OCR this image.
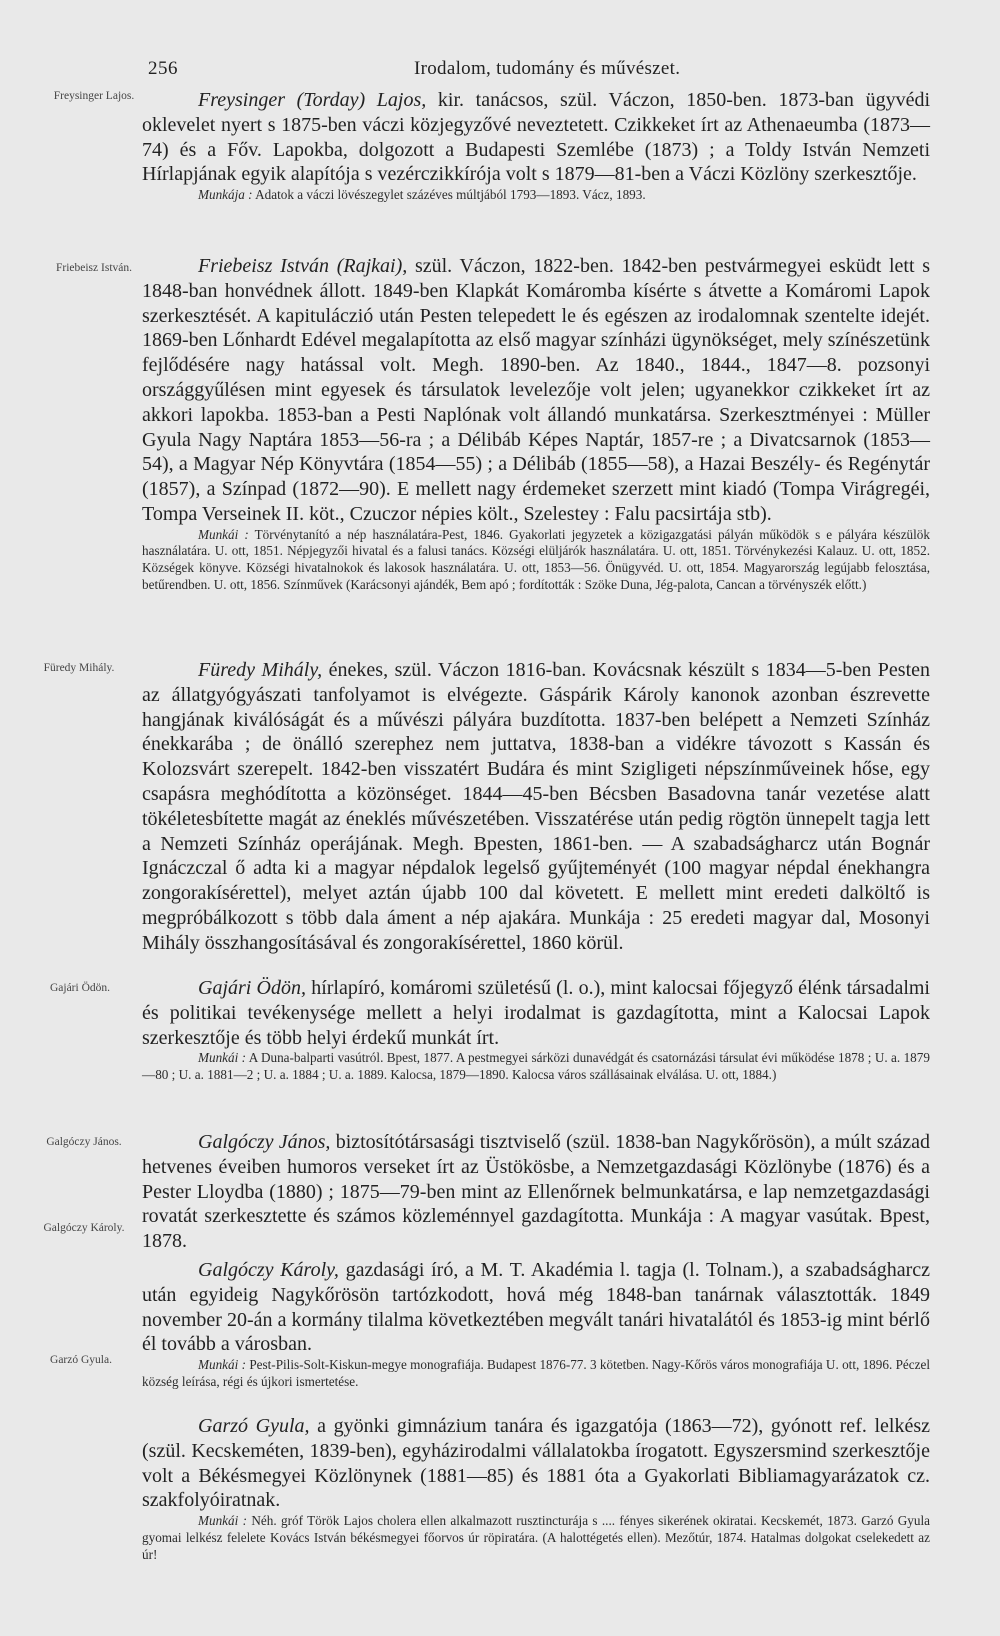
256	Irodalom, tudomány és művészet.
Freysinger Lajos.	Freysinger (Torday) Lajos, kir. tanácsos, szül. Váczon, 1850-ben. 1873-ban ügyvédi oklevelet nyert s 1875-ben váczi közjegyzővé neveztetett. Czikkeket írt az Athenaeumba (1873—74) és a Főv. Lapokba, dolgozott a Budapesti Szemlébe (1873) ; a Toldy István Nemzeti Hírlapjának egyik alapítója s vezérczikkírója volt s 1879—81-ben a Váczi Közlöny szerkesztője.

Munkája : Adatok a váczi lövészegylet százéves múltjából 1793—1893. Vácz, 1893.

Friebeisz István.	Friebeisz István (Rajkai), szül. Váczon, 1822-ben. 1842-ben pestvármegyei esküdt lett s 1848-ban honvédnek állott. 1849-ben Klapkát Komáromba kísérte s átvette a Komáromi Lapok szerkesztését. A kapituláczió után Pesten telepedett le és egészen az irodalomnak szentelte idejét. 1869-ben Lőnhardt Edével megalapította az első magyar színházi ügynökséget, mely színészetünk fejlődésére nagy hatással volt. Megh. 1890-ben. Az 1840., 1844., 1847—8. pozsonyi országgyűlésen mint egyesek és társulatok levelezője volt jelen; ugyanekkor czikkeket írt az akkori lapokba. 1853-ban a Pesti Naplónak volt állandó munkatársa. Szerkesztményei : Müller Gyula Nagy Naptára 1853—56-ra ; a Délibáb Képes Naptár, 1857-re ; a Divatcsarnok (1853—54), a Magyar Nép Könyvtára (1854—55) ; a Délibáb (1855—58), a Hazai Beszély- és Regénytár (1857), a Színpad (1872—90). E mellett nagy érdemeket szerzett mint kiadó (Tompa Virágregéi, Tompa Verseinek II. köt., Czuczor népies költ., Szelestey : Falu pacsirtája stb).

Munkái : Törvénytanító a nép használatára-Pest, 1846. Gyakorlati jegyzetek a közigazgatási pályán működök s e pályára készülök használatára. U. ott, 1851. Népjegyzői hivatal és a falusi tanács. Községi elüljárók használatára. U. ott, 1851. Törvénykezési Kalauz. U. ott, 1852. Községek könyve. Községi hivatalnokok és lakosok használatára. U. ott, 1853—56. Önügyvéd. U. ott, 1854. Magyarország legújabb felosztása, betűrendben. U. ott, 1856. Színművek (Karácsonyi ajándék, Bem apó ; fordították : Szöke Duna, Jég-palota, Cancan a törvényszék előtt.)

Füredy Mihály.	Füredy Mihály, énekes, szül. Váczon 1816-ban. Kovácsnak készült s 1834—5-ben Pesten az állatgyógyászati tanfolyamot is elvégezte. Gáspárik Károly kanonok azonban észrevette hangjának kiválóságát és a művészi pályára buzdította. 1837-ben belépett a Nemzeti Színház énekkarába ; de önálló szerephez nem juttatva, 1838-ban a vidékre távozott s Kassán és Kolozsvárt szerepelt. 1842-ben visszatért Budára és mint Szigligeti népszínműveinek hőse, egy csapásra meghódította a közönséget. 1844—45-ben Bécsben Basadovna tanár vezetése alatt tökéletesbítette magát az éneklés művészetében. Visszatérése után pedig rögtön ünnepelt tagja lett a Nemzeti Színház operájának. Megh. Bpesten, 1861-ben. — A szabadságharcz után Bognár Ignáczczal ő adta ki a magyar népdalok legelső gyűjteményét (100 magyar népdal énekhangra zongorakísérettel), melyet aztán újabb 100 dal követett. E mellett mint eredeti dalköltő is megpróbálkozott s több dala áment a nép ajakára. Munkája : 25 eredeti magyar dal, Mosonyi Mihály összhangosításával és zongorakísérettel, 1860 körül.

Gajári Ödön.	Gajári Ödön, hírlapíró, komáromi születésű (l. o.), mint kalocsai főjegyző élénk társadalmi és politikai tevékenysége mellett a helyi irodalmat is gazdagította, mint a Kalocsai Lapok szerkesztője és több helyi érdekű munkát írt.

Munkái : A Duna-balparti vasútról. Bpest, 1877. A pestmegyei sárközi dunavédgát és csatornázási társulat évi működése 1878 ; U. a. 1879—80 ; U. a. 1881—2 ; U. a. 1884 ; U. a. 1889. Kalocsa, 1879—1890. Kalocsa város szállásainak elválása. U. ott, 1884.)

Galgóczy János.	Galgóczy János, biztosítótársasági tisztviselő (szül. 1838-ban Nagykőrösön), a múlt század hetvenes éveiben humoros verseket írt az Üstökösbe, a Nemzetgazdasági Közlönybe (1876) és a Pester Lloydba (1880) ; 1875—79-ben mint az Ellenőrnek belmunkatársa, e lap nemzetgazdasági rovatát szerkesztette és számos közleménnyel gazdagította. Munkája : A magyar vasútak. Bpest, 1878.

Galgóczy Károly.

Galgóczy Károly, gazdasági író, a M. T. Akadémia l. tagja (l. Tolnam.), a szabadságharcz után egyideig Nagykőrösön tartózkodott, hová még 1848-ban tanárnak választották. 1849 november 20-án a kormány tilalma következtében megvált tanári hivatalától és 1853-ig mint bérlő él tovább a városban.

Munkái : Pest-Pilis-Solt-Kiskun-megye monografiája. Budapest 1876-77. 3 kötetben. Nagy-Kőrös város monografiája U. ott, 1896. Péczel község leírása, régi és újkori ismertetése.

Garzó Gyula.

Garzó Gyula, a gyönki gimnázium tanára és igazgatója (1863—72), gyónott ref. lelkész (szül. Kecskeméten, 1839-ben), egyházirodalmi vállalatokba írogatott. Egyszersmind szerkesztője volt a Békésmegyei Közlönynek (1881—85) és 1881 óta a Gyakorlati Bibliamagyarázatok cz. szakfolyóiratnak.

Munkái : Néh. gróf Török Lajos cholera ellen alkalmazott rusztincturája s .... fényes sikerének okiratai. Kecskemét, 1873. Garzó Gyula gyomai lelkész felelete Kovács István békésmegyei főorvos úr röpiratára. (A halottégetés ellen). Mezőtúr, 1874. Hatalmas dolgokat cselekedett az úr!
